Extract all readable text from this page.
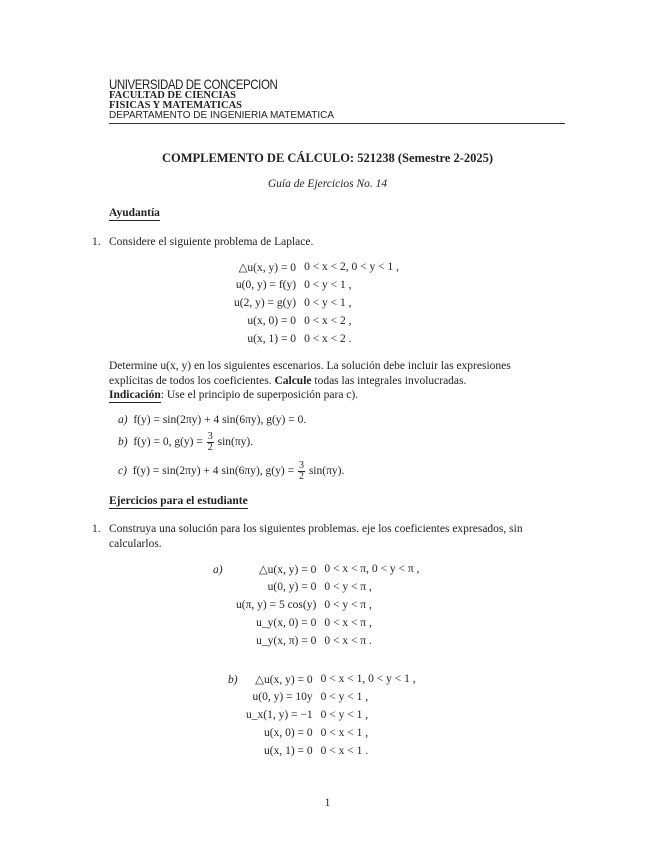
UNIVERSIDAD DE CONCEPCION
FACULTAD DE CIENCIAS
FISICAS Y MATEMATICAS
DEPARTAMENTO DE INGENIERIA MATEMATICA
COMPLEMENTO DE CÁLCULO: 521238 (Semestre 2-2025)
Guía de Ejercicios No. 14
Ayudantía
1. Considere el siguiente problema de Laplace.
△u(x, y) = 0	0 < x < 2, 0 < y < 1 ,
u(0, y) = f(y)	0 < y < 1 ,
u(2, y) = g(y)	0 < y < 1 ,
u(x, 0) = 0	0 < x < 2 ,
u(x, 1) = 0	0 < x < 2 .
Determine u(x, y) en los siguientes escenarios. La solución debe incluir las expresiones
explícitas de todos los coeficientes. Calcule todas las integrales involucradas.
Indicación: Use el principio de superposición para c).
a) f(y) = sin(2πy) + 4 sin(6πy), g(y) = 0.
b) f(y) = 0, $g(y) = \frac{3}{2} \sin(\pi y)$.
c) f(y) = sin(2πy) + 4 sin(6πy), $g(y) = \frac{3}{2} \sin(\pi y)$.
Ejercicios para el estudiante
1. Construya una solución para los siguientes problemas. eje los coeficientes expresados, sin
calcularlos.
a)	△u(x, y) = 0	0 < x < π, 0 < y < π ,
u(0, y) = 0	0 < y < π ,
u(π, y) = 5 cos(y)	0 < y < π ,
u_y(x, 0) = 0	0 < x < π ,
u_y(x, π) = 0	0 < x < π .
b) △u(x, y) = 0	0 < x < 1, 0 < y < 1 ,
u(0, y) = 10y	0 < y < 1 ,
u_x(1, y) = −1	0 < y < 1 ,
u(x, 0) = 0	0 < x < 1 ,
u(x, 1) = 0	0 < x < 1 .
1
